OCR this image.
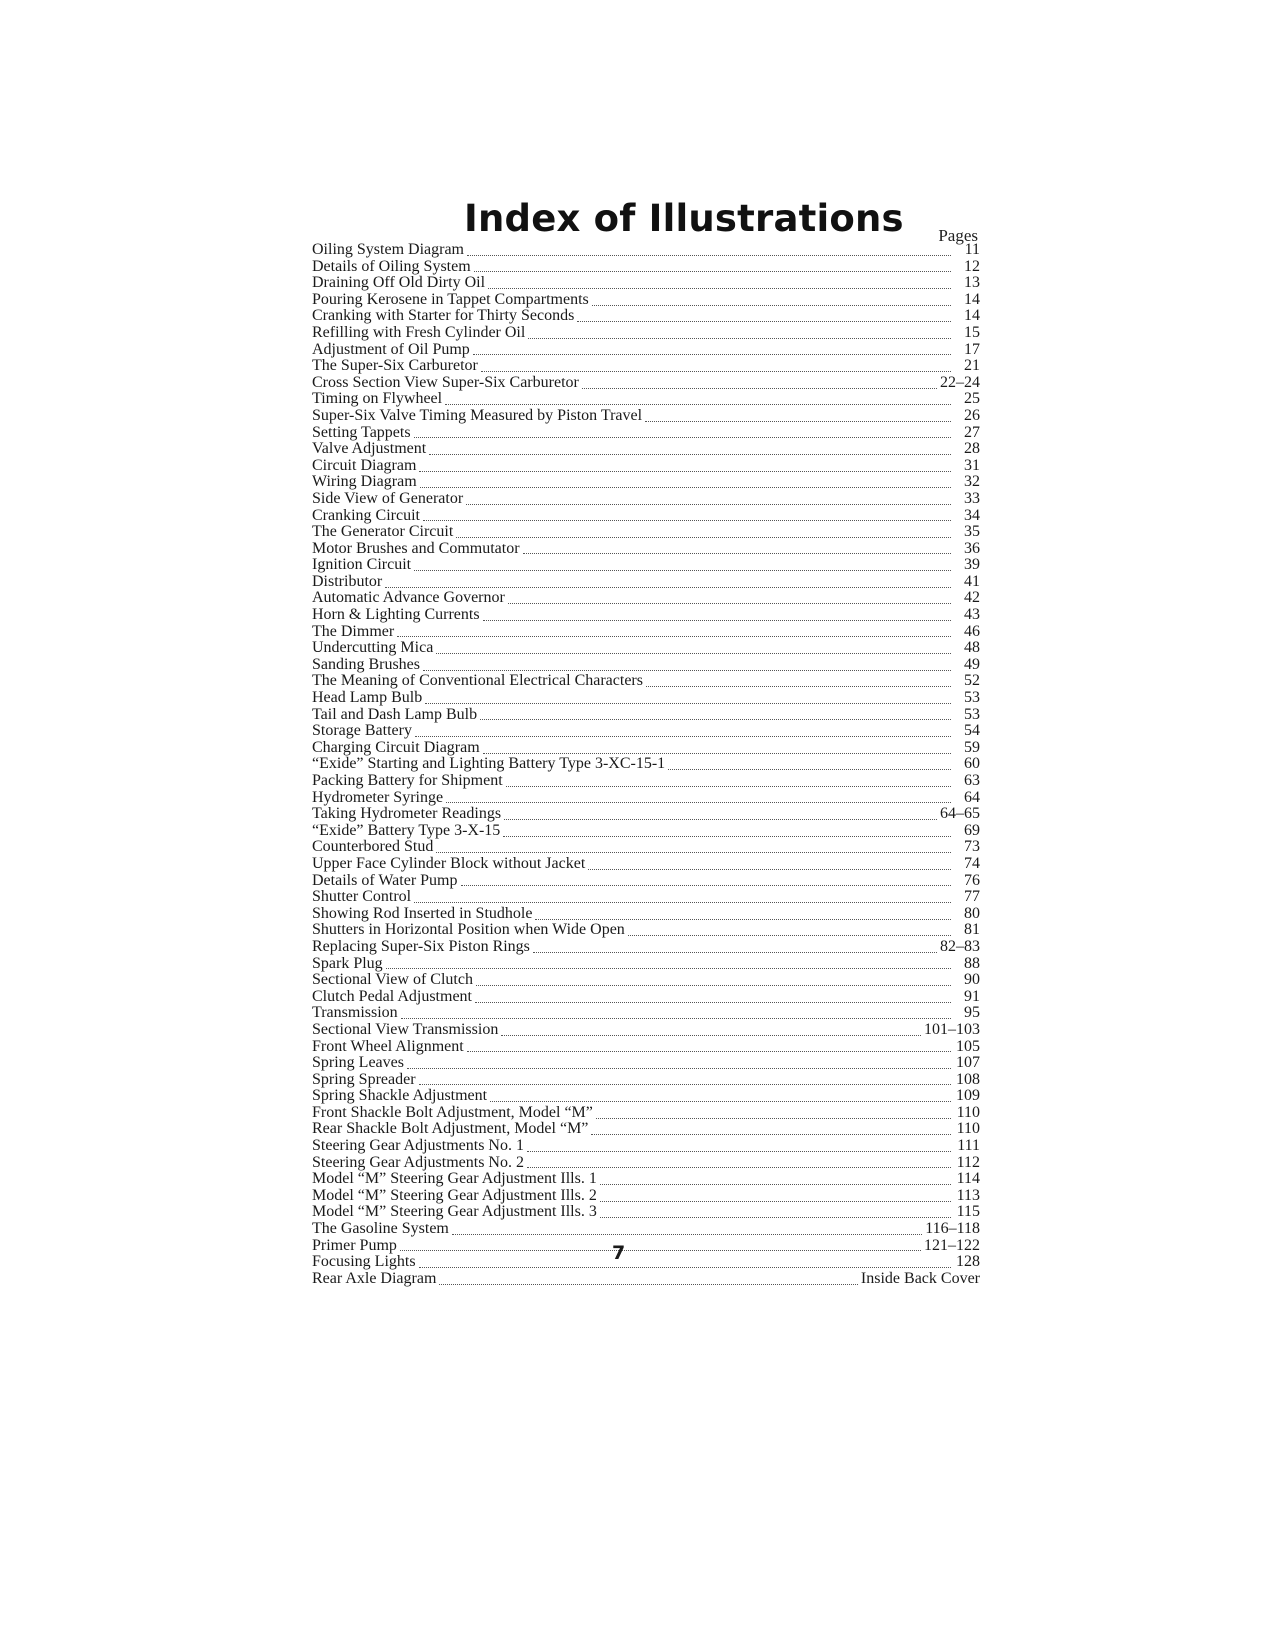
Index of Illustrations Pages
Oiling System Diagram	11
Details of Oiling System	12
Draining Off Old Dirty Oil	13
Pouring Kerosene in Tappet Compartments	14
Cranking with Starter for Thirty Seconds	14
Refilling with Fresh Cylinder Oil	15
Adjustment of Oil Pump	17
The Super-Six Carburetor	21
Cross Section View Super-Six Carburetor	22–24
Timing on Flywheel	25
Super-Six Valve Timing Measured by Piston Travel	26
Setting Tappets	27
Valve Adjustment	28
Circuit Diagram	31
Wiring Diagram	32
Side View of Generator	33
Cranking Circuit	34
The Generator Circuit	35
Motor Brushes and Commutator	36
Ignition Circuit	39
Distributor	41
Automatic Advance Governor	42
Horn & Lighting Currents	43
The Dimmer	46
Undercutting Mica	48
Sanding Brushes	49
The Meaning of Conventional Electrical Characters	52
Head Lamp Bulb	53
Tail and Dash Lamp Bulb	53
Storage Battery	54
Charging Circuit Diagram	59
“Exide” Starting and Lighting Battery Type 3-XC-15-1	60
Packing Battery for Shipment	63
Hydrometer Syringe	64
Taking Hydrometer Readings	64–65
“Exide” Battery Type 3-X-15	69
Counterbored Stud	73
Upper Face Cylinder Block without Jacket	74
Details of Water Pump	76
Shutter Control	77
Showing Rod Inserted in Studhole	80
Shutters in Horizontal Position when Wide Open	81
Replacing Super-Six Piston Rings	82–83
Spark Plug	88
Sectional View of Clutch	90
Clutch Pedal Adjustment	91
Transmission	95
Sectional View Transmission	101–103
Front Wheel Alignment	105
Spring Leaves	107
Spring Spreader	108
Spring Shackle Adjustment	109
Front Shackle Bolt Adjustment, Model “M”	110
Rear Shackle Bolt Adjustment, Model “M”	110
Steering Gear Adjustments No. 1	111
Steering Gear Adjustments No. 2	112
Model “M” Steering Gear Adjustment Ills. 1	114
Model “M” Steering Gear Adjustment Ills. 2	113
Model “M” Steering Gear Adjustment Ills. 3	115
The Gasoline System	116–118
Primer Pump	121–122
Focusing Lights	128
Rear Axle Diagram	Inside Back Cover
7
